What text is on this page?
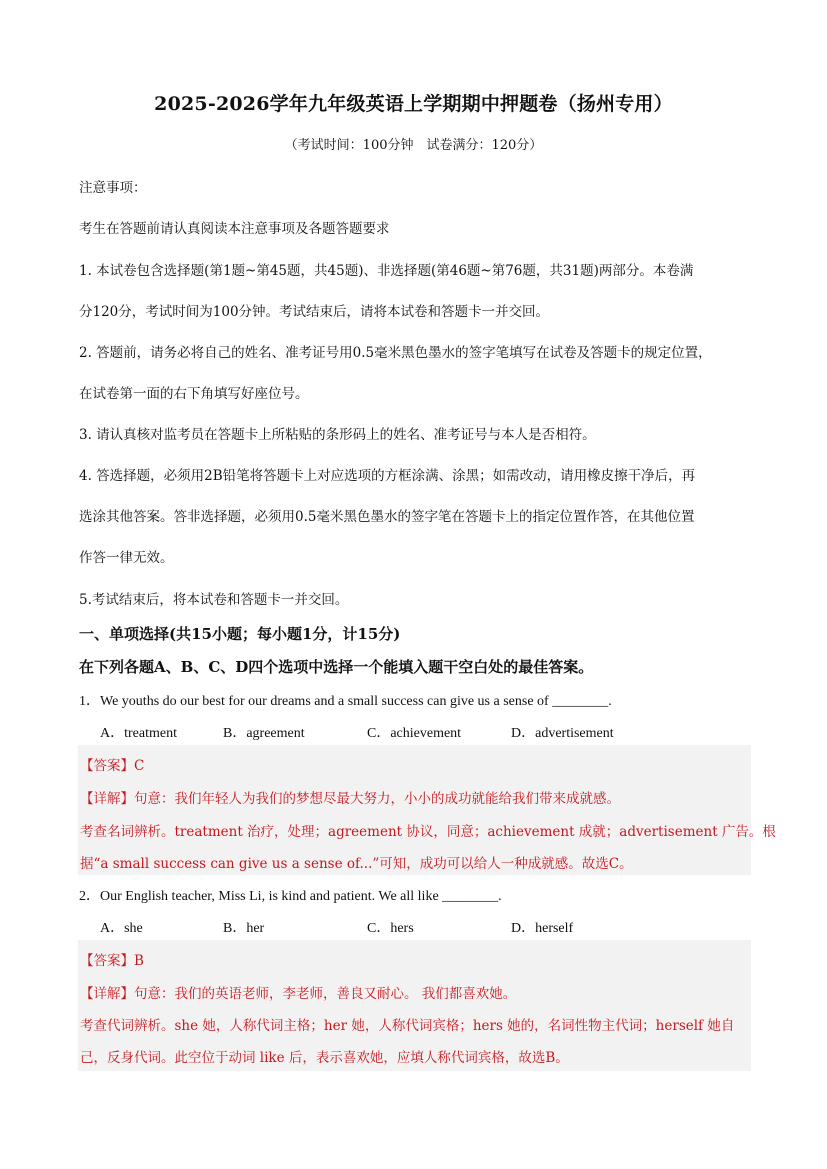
2025-2026学年九年级英语上学期期中押题卷（扬州专用）
（考试时间：100分钟　试卷满分：120分）
注意事项：
考生在答题前请认真阅读本注意事项及各题答题要求
1. 本试卷包含选择题(第1题~第45题，共45题)、非选择题(第46题~第76题，共31题)两部分。本卷满
分120分，考试时间为100分钟。考试结束后，请将本试卷和答题卡一并交回。
2. 答题前，请务必将自己的姓名、准考证号用0.5毫米黑色墨水的签字笔填写在试卷及答题卡的规定位置，
在试卷第一面的右下角填写好座位号。
3. 请认真核对监考员在答题卡上所粘贴的条形码上的姓名、准考证号与本人是否相符。
4. 答选择题，必须用2B铅笔将答题卡上对应选项的方框涂满、涂黑；如需改动，请用橡皮擦干净后，再
选涂其他答案。答非选择题，必须用0.5毫米黑色墨水的签字笔在答题卡上的指定位置作答，在其他位置
作答一律无效。
5.考试结束后，将本试卷和答题卡一并交回。
一、单项选择(共15小题；每小题1分，计15分)
在下列各题A、B、C、D四个选项中选择一个能填入题干空白处的最佳答案。
1．We youths do our best for our dreams and a small success can give us a sense of ________.
A．treatment	B．agreement	C．achievement	D．advertisement
【答案】C
【详解】句意：我们年轻人为我们的梦想尽最大努力，小小的成功就能给我们带来成就感。
考查名词辨析。treatment 治疗，处理；agreement 协议，同意；achievement 成就；advertisement 广告。根
据“a small success can give us a sense of...”可知，成功可以给人一种成就感。故选C。
2．Our English teacher, Miss Li, is kind and patient. We all like ________.
A．she	B．her	C．hers	D．herself
【答案】B
【详解】句意：我们的英语老师，李老师，善良又耐心。 我们都喜欢她。
考查代词辨析。she 她，人称代词主格；her 她，人称代词宾格；hers 她的，名词性物主代词；herself 她自
己，反身代词。此空位于动词 like 后，表示喜欢她，应填人称代词宾格，故选B。
